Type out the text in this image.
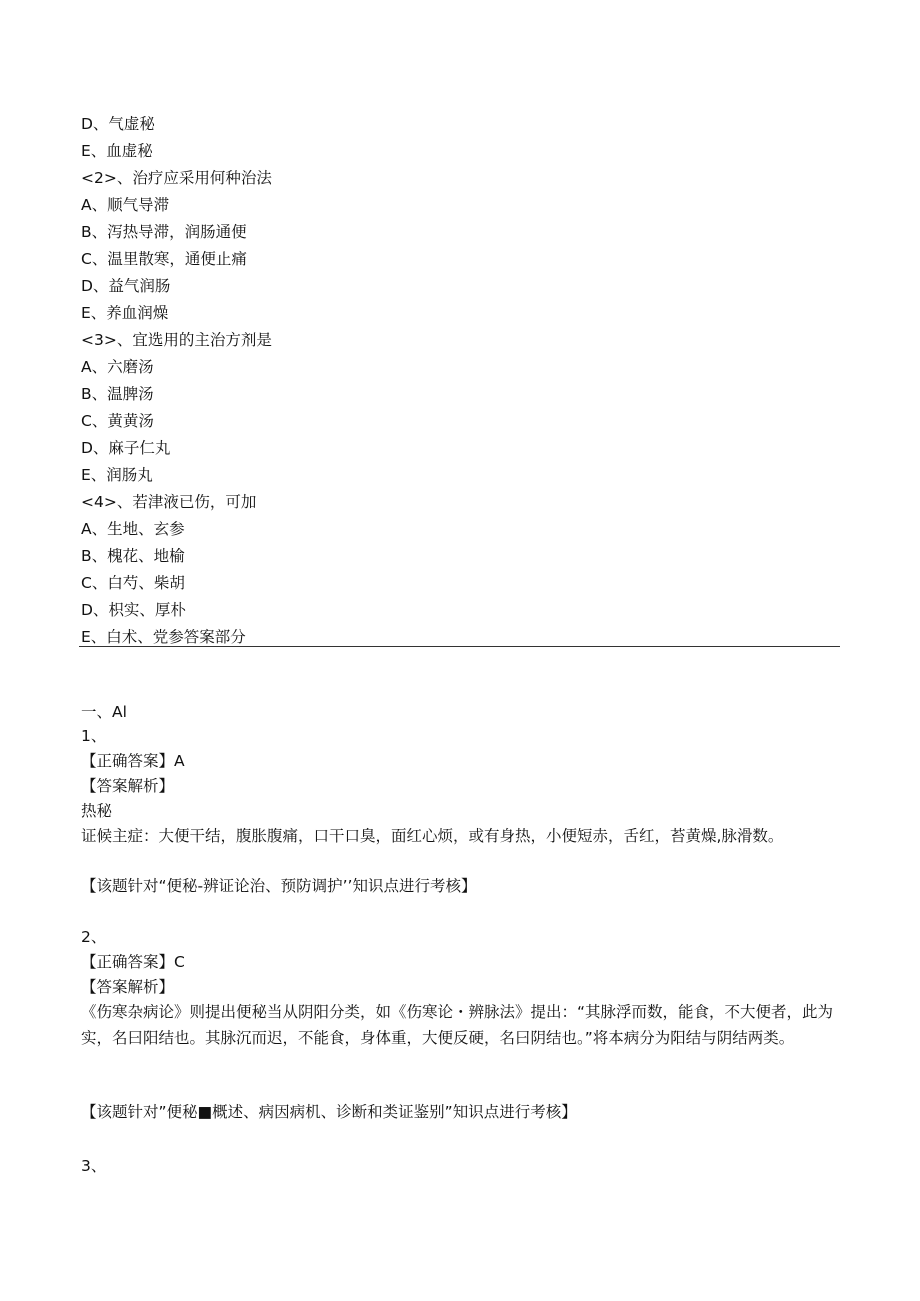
D、气虚秘
E、血虚秘
<2>、治疗应采用何种治法
A、顺气导滞
B、泻热导滞，润肠通便
C、温里散寒，通便止痛
D、益气润肠
E、养血润燥
<3>、宜选用的主治方剂是
A、六磨汤
B、温脾汤
C、黄黄汤
D、麻子仁丸
E、润肠丸
<4>、若津液已伤，可加
A、生地、玄参
B、槐花、地榆
C、白芍、柴胡
D、枳实、厚朴
E、白术、党参答案部分
一、Al
1、
【正确答案】A
【答案解析】
热秘
证候主症：大便干结，腹胀腹痛，口干口臭，面红心烦，或有身热，小便短赤，舌红，苔黄燥,脉滑数。
【该题针对“便秘-辨证论治、预防调护’’知识点进行考核】
2、
【正确答案】C
【答案解析】
《伤寒杂病论》则提出便秘当从阴阳分类，如《伤寒论・辨脉法》提出：“其脉浮而数，能食，不大便者，此为实，名曰阳结也。其脉沉而迟，不能食，身体重，大便反硬，名曰阴结也。”将本病分为阳结与阴结两类。
【该题针对”便秘■概述、病因病机、诊断和类证鉴别”知识点进行考核】
3、
